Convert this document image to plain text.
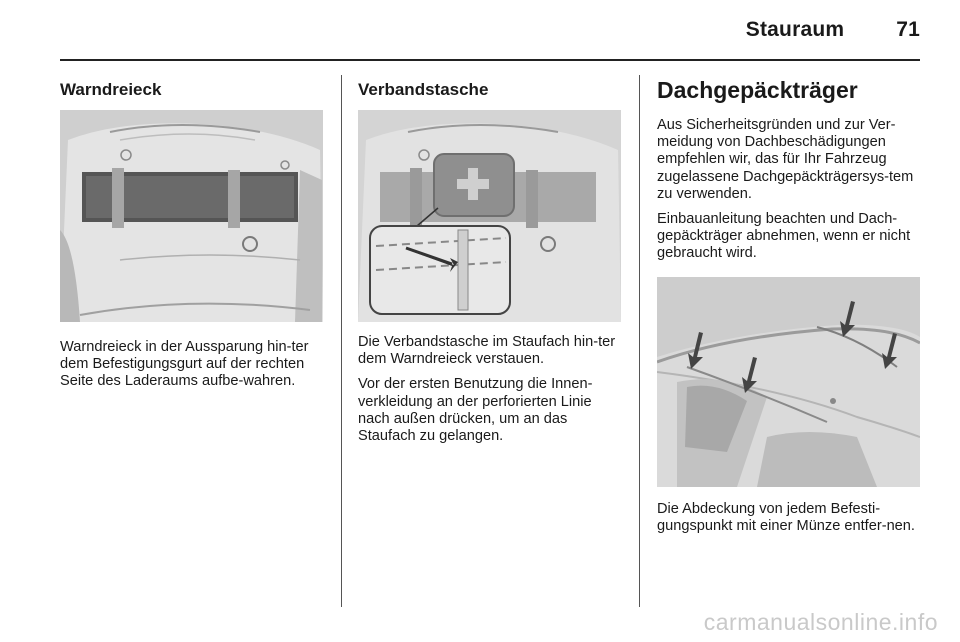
Stauraum 71
Warndreieck

Warndreieck in der Aussparung hin-ter dem Befestigungsgurt auf der rechten Seite des Laderaums aufbe-wahren.

Verbandstasche

Die Verbandstasche im Staufach hin-ter dem Warndreieck verstauen.

Vor der ersten Benutzung die Innen-verkleidung an der perforierten Linie nach außen drücken, um an das Staufach zu gelangen.

Dachgepäckträger

Aus Sicherheitsgründen und zur Ver-meidung von Dachbeschädigungen empfehlen wir, das für Ihr Fahrzeug zugelassene Dachgepäckträgersys-tem zu verwenden.

Einbauanleitung beachten und Dach-gepäckträger abnehmen, wenn er nicht gebraucht wird.

Die Abdeckung von jedem Befesti-gungspunkt mit einer Münze entfer-nen.

carmanualsonline.info
